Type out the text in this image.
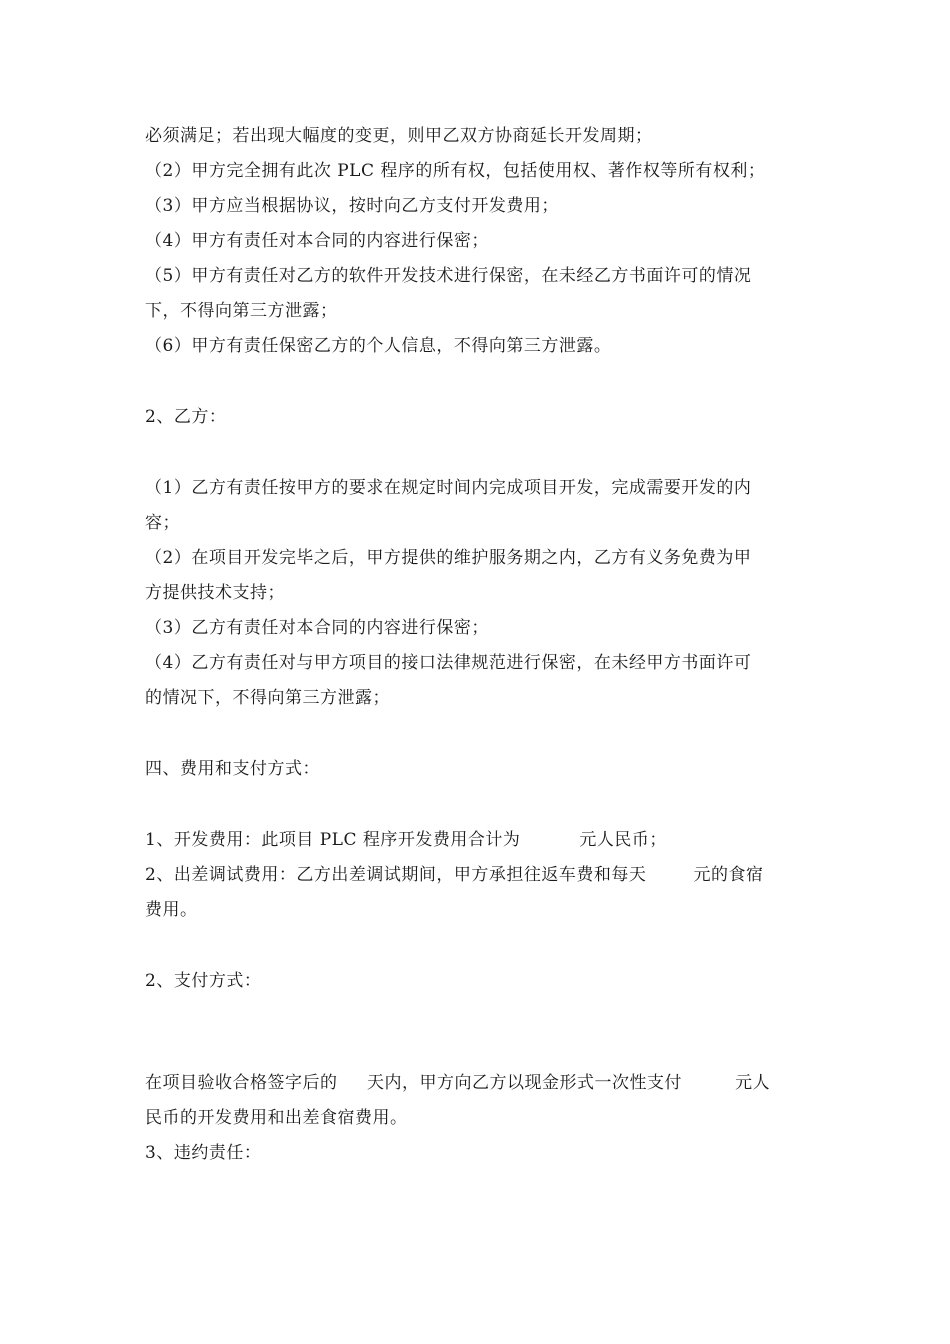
必须满足；若出现大幅度的变更，则甲乙双方协商延长开发周期；
（2）甲方完全拥有此次 PLC 程序的所有权，包括使用权、著作权等所有权利；
（3）甲方应当根据协议，按时向乙方支付开发费用；
（4）甲方有责任对本合同的内容进行保密；
（5）甲方有责任对乙方的软件开发技术进行保密，在未经乙方书面许可的情况
下，不得向第三方泄露；
（6）甲方有责任保密乙方的个人信息，不得向第三方泄露。
2、乙方：
（1）乙方有责任按甲方的要求在规定时间内完成项目开发，完成需要开发的内
容；
（2）在项目开发完毕之后，甲方提供的维护服务期之内，乙方有义务免费为甲
方提供技术支持；
（3）乙方有责任对本合同的内容进行保密；
（4）乙方有责任对与甲方项目的接口法律规范进行保密，在未经甲方书面许可
的情况下，不得向第三方泄露；
四、费用和支付方式：
1、开发费用：此项目 PLC 程序开发费用合计为          元人民币；
2、出差调试费用：乙方出差调试期间，甲方承担往返车费和每天        元的食宿
费用。
2、支付方式：
在项目验收合格签字后的     天内，甲方向乙方以现金形式一次性支付         元人
民币的开发费用和出差食宿费用。
3、违约责任：
